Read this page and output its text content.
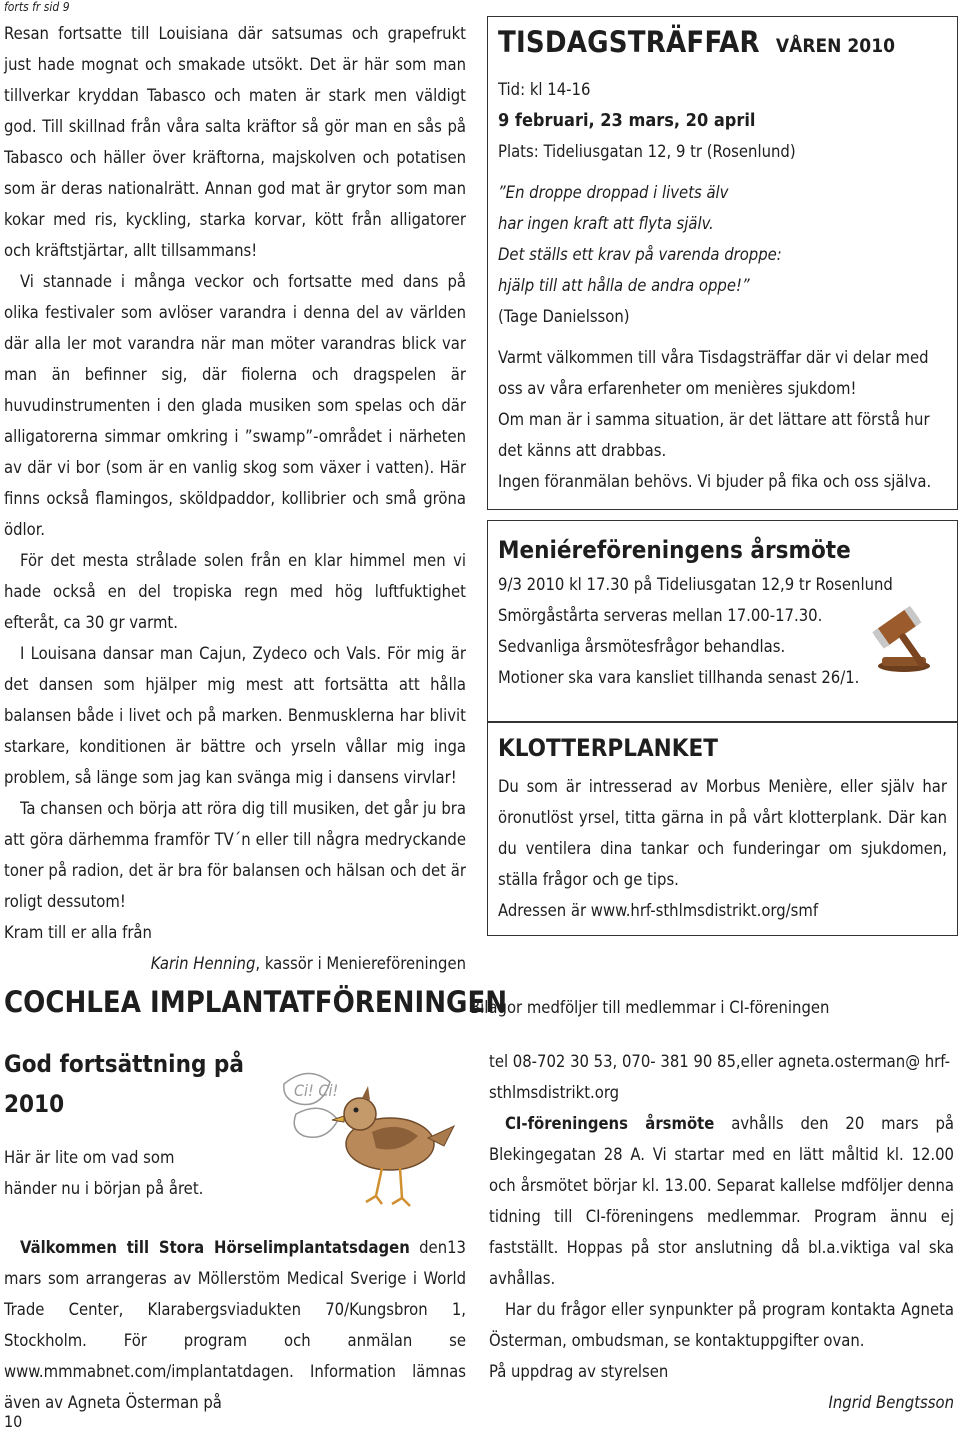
forts fr sid 9

Resan fortsatte till Louisiana där satsumas och grapefrukt just hade mognat och smakade utsökt. Det är här som man tillverkar kryddan Tabasco och maten är stark men väldigt god. Till skillnad från våra salta kräftor så gör man en sås på Tabasco och häller över kräftorna, majskolven och potatisen som är deras nationalrätt. Annan god mat är grytor som man kokar med ris, kyckling, starka korvar, kött från alligatorer och kräftstjärtar, allt tillsammans!

Vi stannade i många veckor och fortsatte med dans på olika festivaler som avlöser varandra i denna del av världen där alla ler mot varandra när man möter varandras blick var man än befinner sig, där fiolerna och dragspelen är huvudinstrumenten i den glada musiken som spelas och där alligatorerna simmar omkring i ”swamp”-området i närheten av där vi bor (som är en vanlig skog som växer i vatten). Här finns också flamingos, sköldpaddor, kollibrier och små gröna ödlor.

För det mesta strålade solen från en klar himmel men vi hade också en del tropiska regn med hög luftfuktighet efteråt, ca 30 gr varmt.

I Louisana dansar man Cajun, Zydeco och Vals. För mig är det dansen som hjälper mig mest att fortsätta att hålla balansen både i livet och på marken. Benmusklerna har blivit starkare, konditionen är bättre och yrseln vållar mig inga problem, så länge som jag kan svänga mig i dansens virvlar!

Ta chansen och börja att röra dig till musiken, det går ju bra att göra därhemma framför TV´n eller till några medryckande toner på radion, det är bra för balansen och hälsan och det är roligt dessutom!

Kram till er alla från

Karin Henning, kassör i Meniereföreningen

TISDAGSTRÄFFAR VÅREN 2010

Tid: kl 14-16

9 februari, 23 mars, 20 april

Plats: Tideliusgatan 12, 9 tr (Rosenlund)

”En droppe droppad i livets älv

har ingen kraft att flyta själv.

Det ställs ett krav på varenda droppe:

hjälp till att hålla de andra oppe!”

(Tage Danielsson)

Varmt välkommen till våra Tisdagsträffar där vi delar med oss av våra erfarenheter om menières sjukdom!

Om man är i samma situation, är det lättare att förstå hur det känns att drabbas.

Ingen föranmälan behövs. Vi bjuder på fika och oss själva.

Meniéreföreningens årsmöte

9/3 2010 kl 17.30 på Tideliusgatan 12,9 tr Rosenlund

Smörgåstårta serveras mellan 17.00-17.30.

Sedvanliga årsmötesfrågor behandlas.

Motioner ska vara kansliet tillhanda senast 26/1.

KLOTTERPLANKET

Du som är intresserad av Morbus Menière, eller själv har öronutlöst yrsel, titta gärna in på vårt klotterplank. Där kan du ventilera dina tankar och funderingar om sjukdomen, ställa frågor och ge tips.

Adressen är www.hrf-sthlmsdistrikt.org/smf

COCHLEA IMPLANTATFÖRENINGEN
Bilagor medföljer till medlemmar i CI-föreningen
God fortsättning på 2010
Här är lite om vad som händer nu i början på året.
Ci! Ci!

Välkommen till Stora Hörselimplantatsdagen den13 mars som arrangeras av Möllerstöm Medical Sverige i World Trade Center, Klarabergsviadukten 70/Kungsbron 1, Stockholm. För program och anmälan se www.mmmabnet.com/implantatdagen. Information lämnas även av Agneta Österman på

tel 08-702 30 53, 070- 381 90 85,eller agneta.osterman@ hrf-sthlmsdistrikt.org

CI-föreningens årsmöte avhålls den 20 mars på Blekingegatan 28 A. Vi startar med en lätt måltid kl. 12.00 och årsmötet börjar kl. 13.00. Separat kallelse mdföljer denna tidning till CI-föreningens medlemmar. Program ännu ej fastställt. Hoppas på stor anslutning då bl.a.viktiga val ska avhållas.

Har du frågor eller synpunkter på program kontakta Agneta Österman, ombudsman, se kontaktuppgifter ovan.

På uppdrag av styrelsen

Ingrid Bengtsson

10
